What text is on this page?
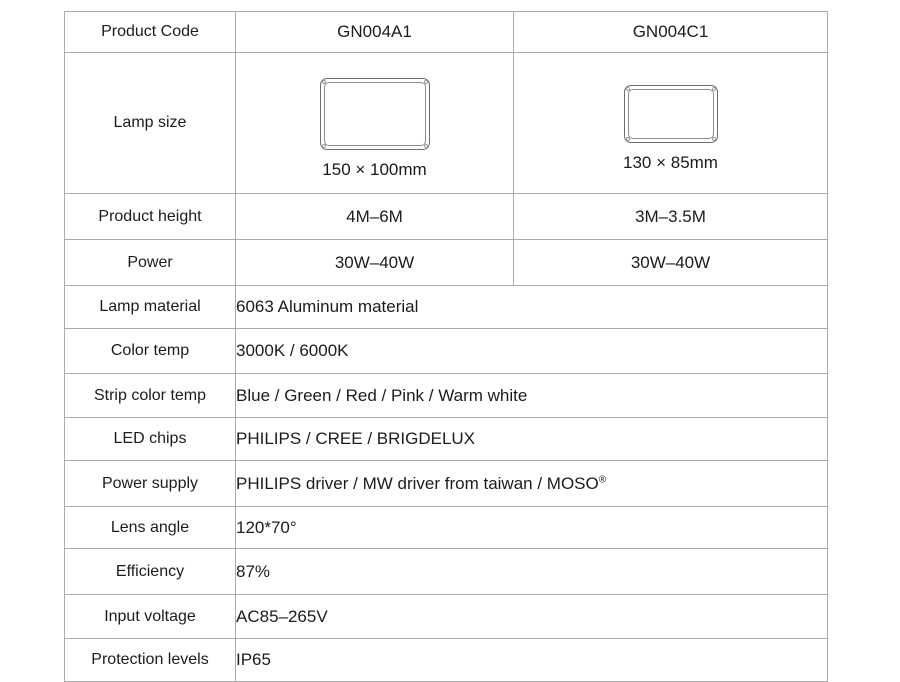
Product Code	GN004A1	GN004C1
Lamp size	150 × 100mm	130 × 85mm

Product height	4M–6M	3M–3.5M
Power	30W–40W	30W–40W
Lamp material	6063 Aluminum material	
Color temp	3000K / 6000K	
Strip color temp	Blue / Green / Red / Pink / Warm white	
LED chips	PHILIPS / CREE / BRIGDELUX	
Power supply	PHILIPS driver / MW driver from taiwan / MOSO®
Lens angle	120*70°	
Efficiency	87%	
Input voltage	AC85–265V	
Protection levels	IP65	
